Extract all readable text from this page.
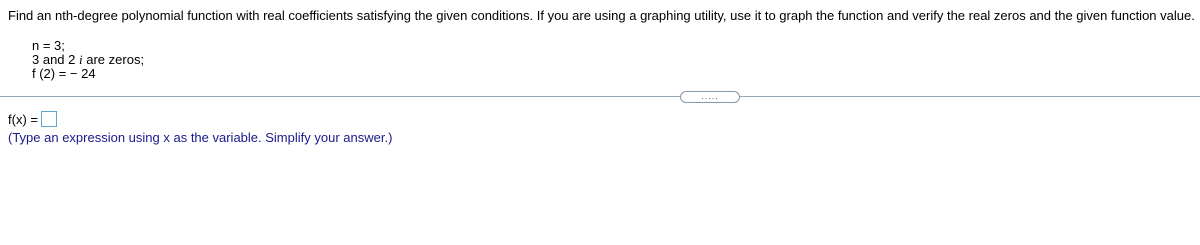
Find an nth-degree polynomial function with real coefficients satisfying the given conditions. If you are using a graphing utility, use it to graph the function and verify the real zeros and the given function value.
n = 3;
3 and 2 i are zeros;
f (2) = − 24
.....
f(x) =
(Type an expression using x as the variable. Simplify your answer.)
